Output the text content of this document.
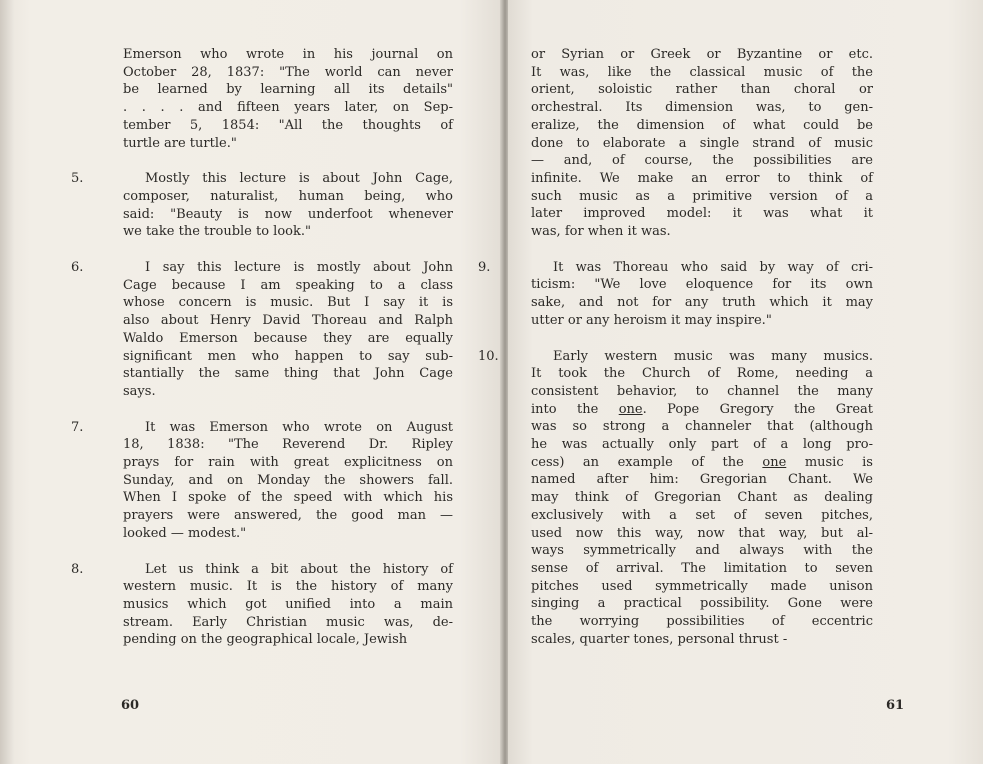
Emerson who wrote in his journal on
October 28, 1837: "The world can never
be learned by learning all its details"
. . . . and fifteen years later, on Sep-
tember 5, 1854: "All the thoughts of
turtle are turtle."
5.	Mostly this lecture is about John Cage,
composer, naturalist, human being, who
said: "Beauty is now underfoot whenever
we take the trouble to look."
6.	I say this lecture is mostly about John
Cage because I am speaking to a class
whose concern is music. But I say it is
also about Henry David Thoreau and Ralph
Waldo Emerson because they are equally
significant men who happen to say sub-
stantially the same thing that John Cage
says.
7.	It was Emerson who wrote on August
18, 1838: "The Reverend Dr. Ripley
prays for rain with great explicitness on
Sunday, and on Monday the showers fall.
When I spoke of the speed with which his
prayers were answered, the good man —
looked — modest."
8.	Let us think a bit about the history of
western music. It is the history of many
musics which got unified into a main
stream. Early Christian music was, de-
pending on the geographical locale, Jewish
60
or Syrian or Greek or Byzantine or etc.
It was, like the classical music of the
orient, soloistic rather than choral or
orchestral. Its dimension was, to gen-
eralize, the dimension of what could be
done to elaborate a single strand of music
— and, of course, the possibilities are
infinite. We make an error to think of
such music as a primitive version of a
later improved model: it was what it
was, for when it was.
9.	It was Thoreau who said by way of cri-
ticism: "We love eloquence for its own
sake, and not for any truth which it may
utter or any heroism it may inspire."
10.	Early western music was many musics.
It took the Church of Rome, needing a
consistent behavior, to channel the many
into the one. Pope Gregory the Great
was so strong a channeler that (although
he was actually only part of a long pro-
cess) an example of the one music is
named after him: Gregorian Chant. We
may think of Gregorian Chant as dealing
exclusively with a set of seven pitches,
used now this way, now that way, but al-
ways symmetrically and always with the
sense of arrival. The limitation to seven
pitches used symmetrically made unison
singing a practical possibility. Gone were
the worrying possibilities of eccentric
scales, quarter tones, personal thrust -
61
